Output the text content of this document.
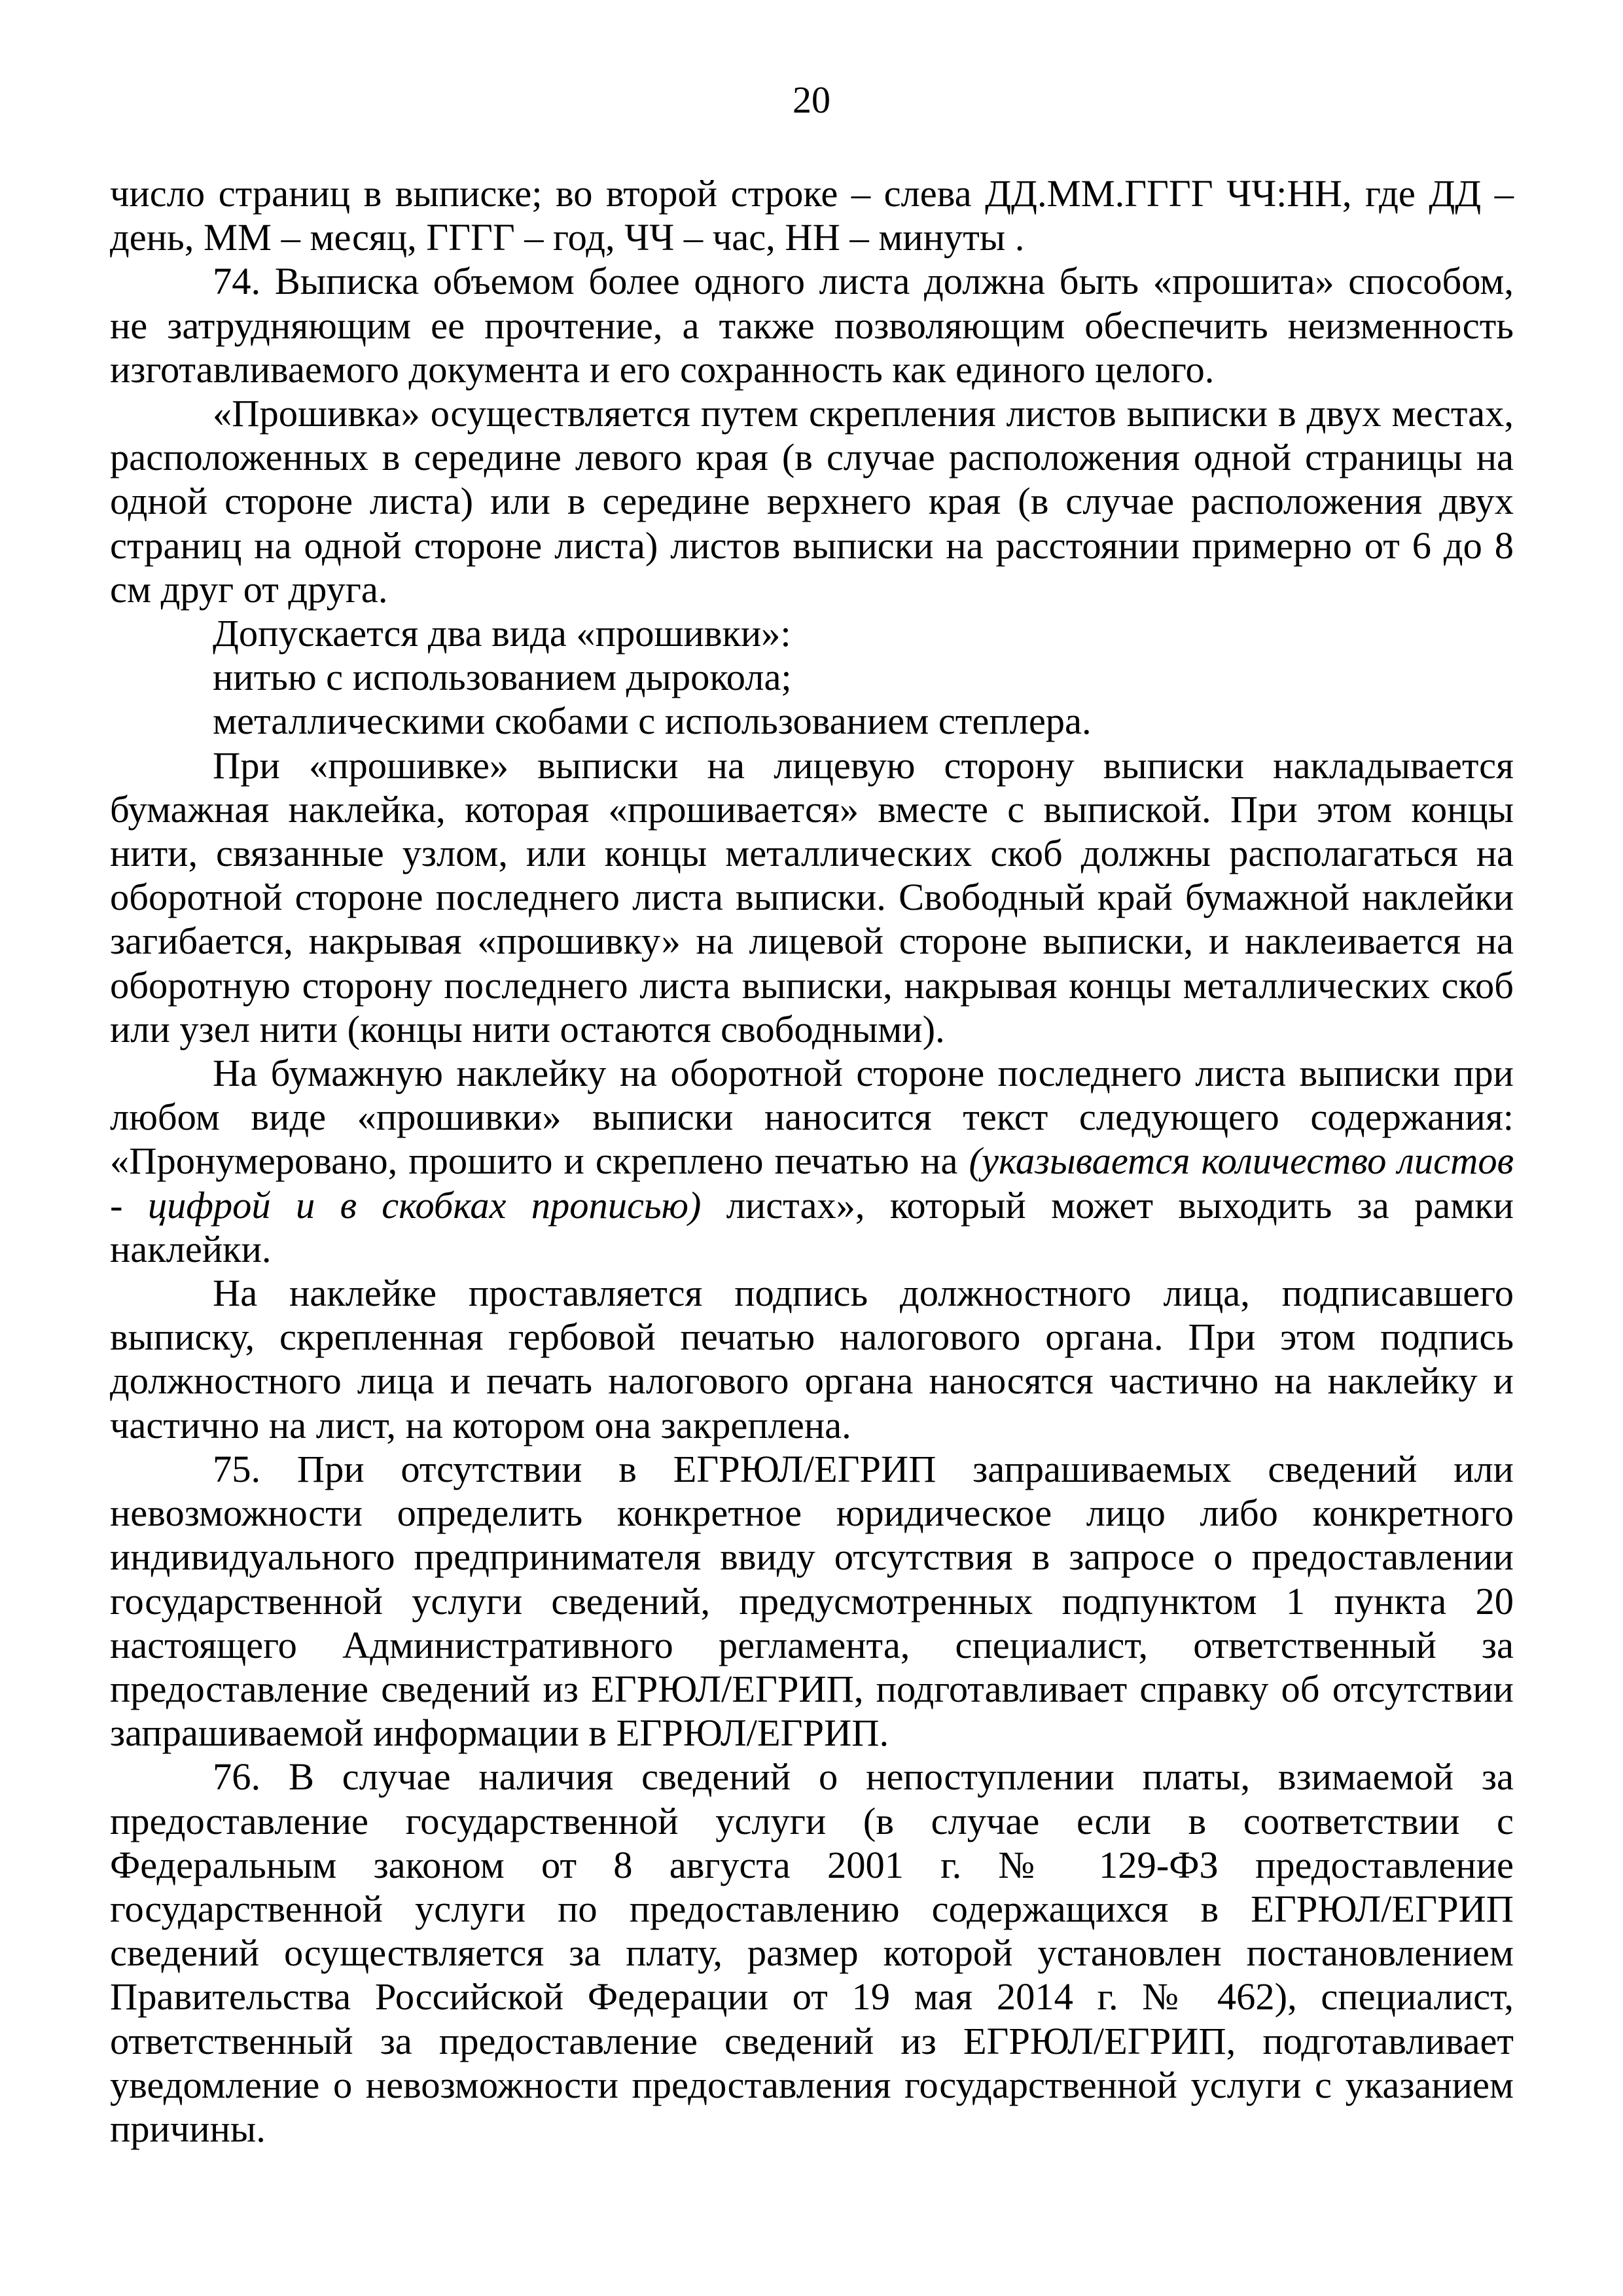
20

число страниц в выписке; во второй строке – слева ДД.ММ.ГГГГ ЧЧ:НН, где ДД – день, ММ – месяц, ГГГГ – год, ЧЧ – час, НН – минуты .

74. Выписка объемом более одного листа должна быть «прошита» способом, не затрудняющим ее прочтение, а также позволяющим обеспечить неизменность изготавливаемого документа и его сохранность как единого целого.

«Прошивка» осуществляется путем скрепления листов выписки в двух местах, расположенных в середине левого края (в случае расположения одной страницы на одной стороне листа) или в середине верхнего края (в случае расположения двух страниц на одной стороне листа) листов выписки на расстоянии примерно от 6 до 8 см друг от друга.

Допускается два вида «прошивки»:

нитью с использованием дырокола;

металлическими скобами с использованием степлера.

При «прошивке» выписки на лицевую сторону выписки накладывается бумажная наклейка, которая «прошивается» вместе с выпиской. При этом концы нити, связанные узлом, или концы металлических скоб должны располагаться на оборотной стороне последнего листа выписки. Свободный край бумажной наклейки загибается, накрывая «прошивку» на лицевой стороне выписки, и наклеивается на оборотную сторону последнего листа выписки, накрывая концы металлических скоб или узел нити (концы нити остаются свободными).

На бумажную наклейку на оборотной стороне последнего листа выписки при любом виде «прошивки» выписки наносится текст следующего содержания: «Пронумеровано, прошито и скреплено печатью на (указывается количество листов - цифрой и в скобках прописью) листах», который может выходить за рамки наклейки.

На наклейке проставляется подпись должностного лица, подписавшего выписку, скрепленная гербовой печатью налогового органа. При этом подпись должностного лица и печать налогового органа наносятся частично на наклейку и частично на лист, на котором она закреплена.

75. При отсутствии в ЕГРЮЛ/ЕГРИП запрашиваемых сведений или невозможности определить конкретное юридическое лицо либо конкретного индивидуального предпринимателя ввиду отсутствия в запросе о предоставлении государственной услуги сведений, предусмотренных подпунктом 1 пункта 20 настоящего Административного регламента, специалист, ответственный за предоставление сведений из ЕГРЮЛ/ЕГРИП, подготавливает справку об отсутствии запрашиваемой информации в ЕГРЮЛ/ЕГРИП.

76. В случае наличия сведений о непоступлении платы, взимаемой за предоставление государственной услуги (в случае если в соответствии с Федеральным законом от 8 августа 2001 г. № 129-ФЗ предоставление государственной услуги по предоставлению содержащихся в ЕГРЮЛ/ЕГРИП сведений осуществляется за плату, размер которой установлен постановлением Правительства Российской Федерации от 19 мая 2014 г. № 462), специалист, ответственный за предоставление сведений из ЕГРЮЛ/ЕГРИП, подготавливает уведомление о невозможности предоставления государственной услуги с указанием причины.
